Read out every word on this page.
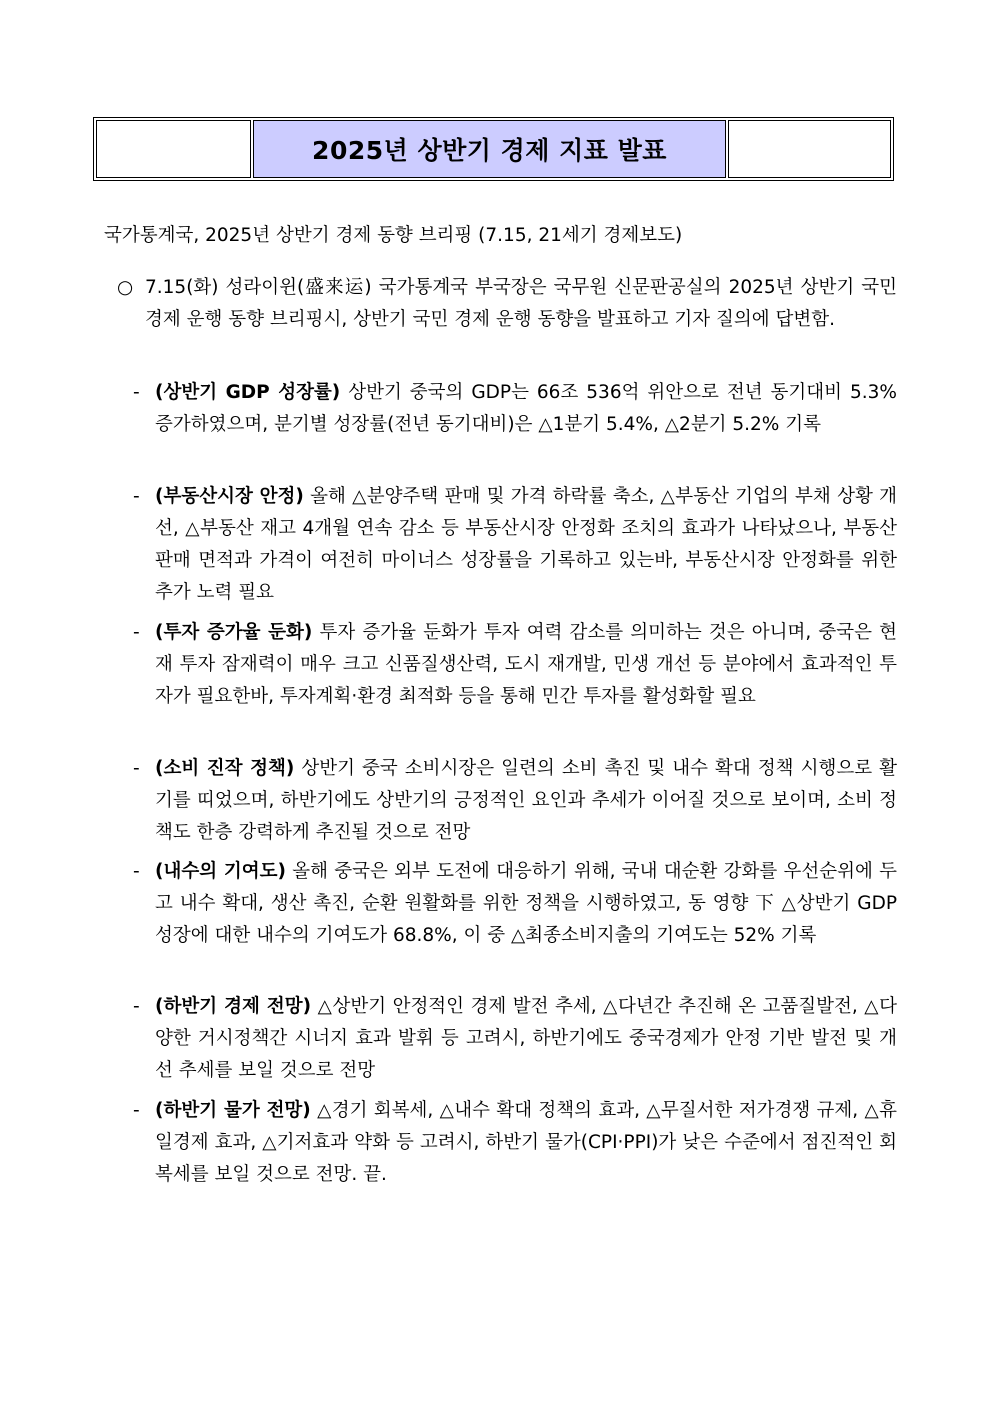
2025년 상반기 경제 지표 발표
국가통계국, 2025년 상반기 경제 동향 브리핑 (7.15, 21세기 경제보도)
○ 7.15(화) 성라이윈(盛来运) 국가통계국 부국장은 국무원 신문판공실의 2025년 상반기 국민 경제 운행 동향 브리핑시, 상반기 국민 경제 운행 동향을 발표하고 기자 질의에 답변함.
- (상반기 GDP 성장률) 상반기 중국의 GDP는 66조 536억 위안으로 전년 동기대비 5.3% 증가하였으며, 분기별 성장률(전년 동기대비)은 △1분기 5.4%, △2분기 5.2% 기록
- (부동산시장 안정) 올해 △분양주택 판매 및 가격 하락률 축소, △부동산 기업의 부채 상황 개선, △부동산 재고 4개월 연속 감소 등 부동산시장 안정화 조치의 효과가 나타났으나, 부동산 판매 면적과 가격이 여전히 마이너스 성장률을 기록하고 있는바, 부동산시장 안정화를 위한 추가 노력 필요
- (투자 증가율 둔화) 투자 증가율 둔화가 투자 여력 감소를 의미하는 것은 아니며, 중국은 현재 투자 잠재력이 매우 크고 신품질생산력, 도시 재개발, 민생 개선 등 분야에서 효과적인 투자가 필요한바, 투자계획·환경 최적화 등을 통해 민간 투자를 활성화할 필요
- (소비 진작 정책) 상반기 중국 소비시장은 일련의 소비 촉진 및 내수 확대 정책 시행으로 활기를 띠었으며, 하반기에도 상반기의 긍정적인 요인과 추세가 이어질 것으로 보이며, 소비 정책도 한층 강력하게 추진될 것으로 전망
- (내수의 기여도) 올해 중국은 외부 도전에 대응하기 위해, 국내 대순환 강화를 우선순위에 두고 내수 확대, 생산 촉진, 순환 원활화를 위한 정책을 시행하였고, 동 영향 下 △상반기 GDP 성장에 대한 내수의 기여도가 68.8%, 이 중 △최종소비지출의 기여도는 52% 기록
- (하반기 경제 전망) △상반기 안정적인 경제 발전 추세, △다년간 추진해 온 고품질발전, △다양한 거시정책간 시너지 효과 발휘 등 고려시, 하반기에도 중국경제가 안정 기반 발전 및 개선 추세를 보일 것으로 전망
- (하반기 물가 전망) △경기 회복세, △내수 확대 정책의 효과, △무질서한 저가경쟁 규제, △휴일경제 효과, △기저효과 약화 등 고려시, 하반기 물가(CPI·PPI)가 낮은 수준에서 점진적인 회복세를 보일 것으로 전망. 끝.
